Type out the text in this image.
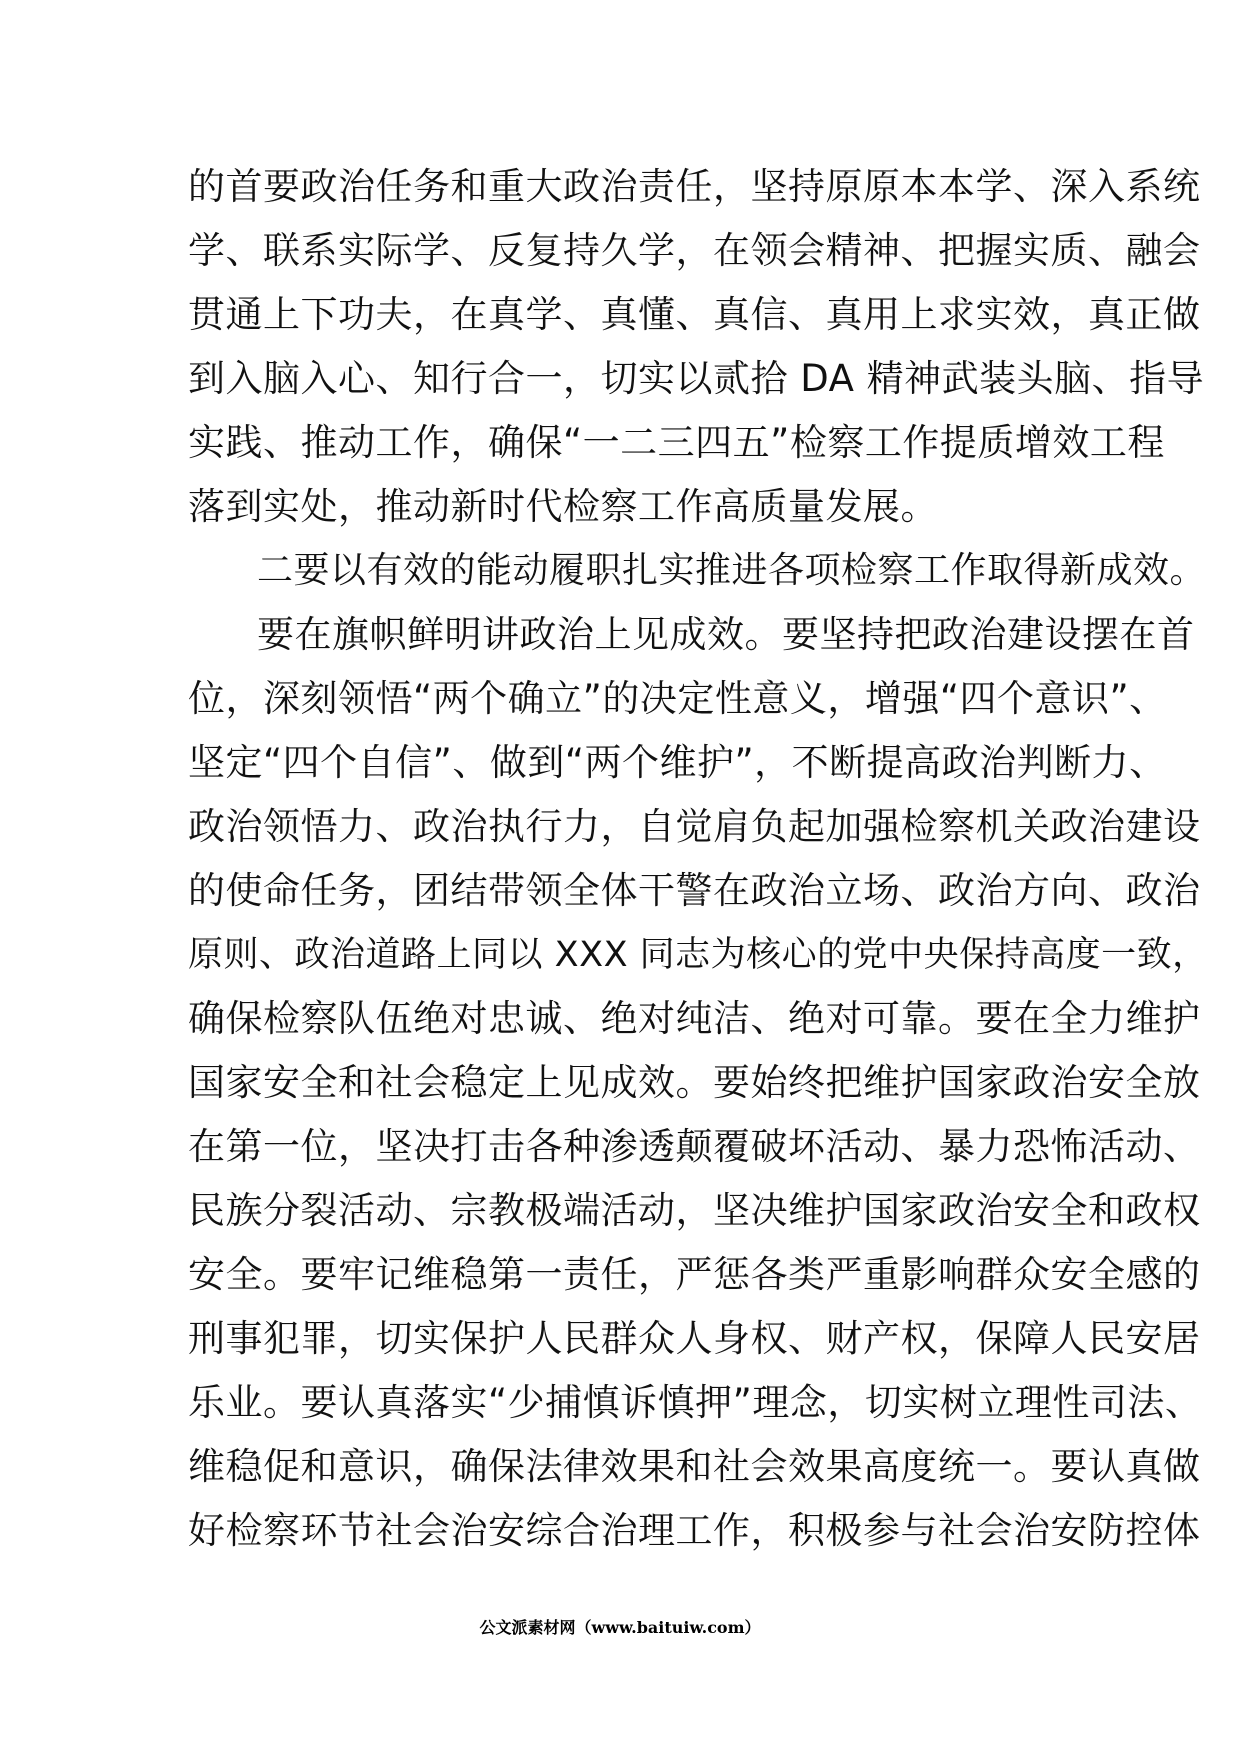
的首要政治任务和重大政治责任，坚持原原本本学、深入系统
学、联系实际学、反复持久学，在领会精神、把握实质、融会
贯通上下功夫，在真学、真懂、真信、真用上求实效，真正做
到入脑入心、知行合一，切实以贰拾 DA 精神武装头脑、指导
实践、推动工作，确保“一二三四五”检察工作提质增效工程
落到实处，推动新时代检察工作高质量发展。
二要以有效的能动履职扎实推进各项检察工作取得新成效。
要在旗帜鲜明讲政治上见成效。要坚持把政治建设摆在首
位，深刻领悟“两个确立”的决定性意义，增强“四个意识”、
坚定“四个自信”、做到“两个维护”，不断提高政治判断力、
政治领悟力、政治执行力，自觉肩负起加强检察机关政治建设
的使命任务，团结带领全体干警在政治立场、政治方向、政治
原则、政治道路上同以 XXX 同志为核心的党中央保持高度一致，
确保检察队伍绝对忠诚、绝对纯洁、绝对可靠。要在全力维护
国家安全和社会稳定上见成效。要始终把维护国家政治安全放
在第一位，坚决打击各种渗透颠覆破坏活动、暴力恐怖活动、
民族分裂活动、宗教极端活动，坚决维护国家政治安全和政权
安全。要牢记维稳第一责任，严惩各类严重影响群众安全感的
刑事犯罪，切实保护人民群众人身权、财产权，保障人民安居
乐业。要认真落实“少捕慎诉慎押”理念，切实树立理性司法、
维稳促和意识，确保法律效果和社会效果高度统一。要认真做
好检察环节社会治安综合治理工作，积极参与社会治安防控体
公文派素材网（www.baituiw.com）
